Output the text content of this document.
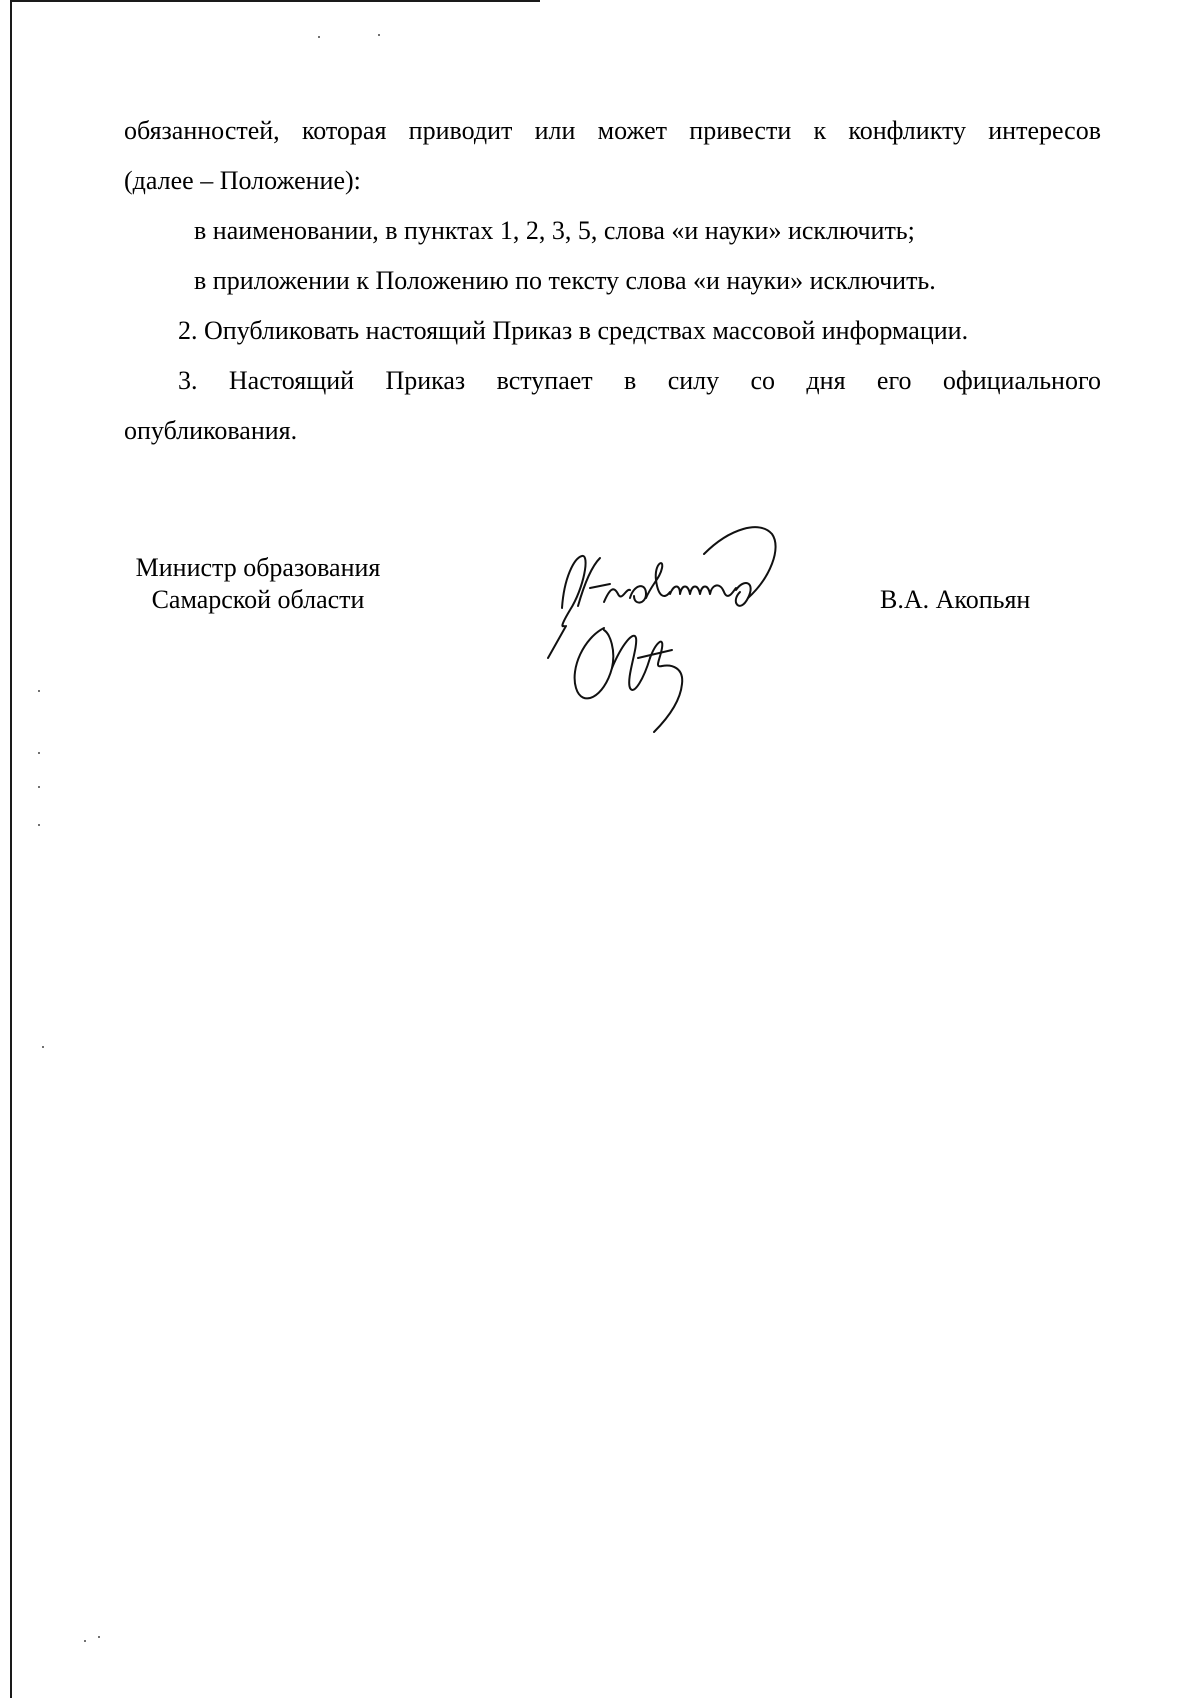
обязанностей, которая приводит или может привести к конфликту интересов

(далее – Положение):

в наименовании, в пунктах 1, 2, 3, 5, слова «и науки» исключить;

в приложении к Положению по тексту слова «и науки» исключить.

2. Опубликовать настоящий Приказ в средствах массовой информации.

3. Настоящий Приказ вступает в силу со дня его официального

опубликования.

Министр образования
Самарской области	В.А. Акопьян
